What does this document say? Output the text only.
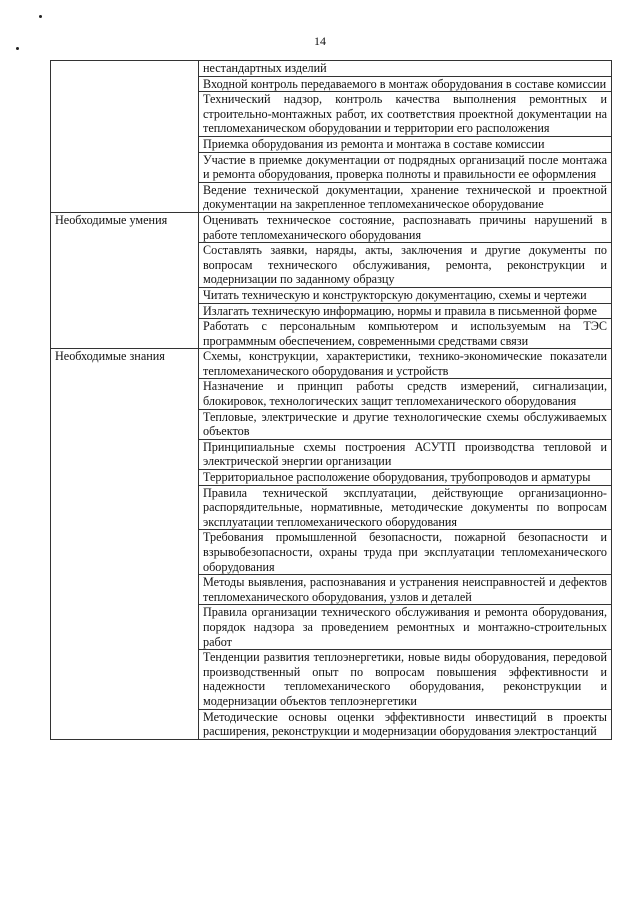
14
	нестандартных изделий
	Входной контроль передаваемого в монтаж оборудования в составе комиссии
	Технический надзор, контроль качества выполнения ремонтных и строительно-монтажных работ, их соответствия проектной документации на тепломеханическом оборудовании и территории его расположения
	Приемка оборудования из ремонта и монтажа в составе комиссии
	Участие в приемке документации от подрядных организаций после монтажа и ремонта оборудования, проверка полноты и правильности ее оформления
	Ведение технической документации, хранение технической и проектной документации на закрепленное тепломеханическое оборудование
Необходимые умения	Оценивать техническое состояние, распознавать причины нарушений в работе тепломеханического оборудования
	Составлять заявки, наряды, акты, заключения и другие документы по вопросам технического обслуживания, ремонта, реконструкции и модернизации по заданному образцу
	Читать техническую и конструкторскую документацию, схемы и чертежи
	Излагать техническую информацию, нормы и правила в письменной форме
	Работать с персональным компьютером и используемым на ТЭС программным обеспечением, современными средствами связи
Необходимые знания	Схемы, конструкции, характеристики, технико-экономические показатели тепломеханического оборудования и устройств
	Назначение и принцип работы средств измерений, сигнализации, блокировок, технологических защит тепломеханического оборудования
	Тепловые, электрические и другие технологические схемы обслуживаемых объектов
	Принципиальные схемы построения АСУТП производства тепловой и электрической энергии организации
	Территориальное расположение оборудования, трубопроводов и арматуры
	Правила технической эксплуатации, действующие организационно-распорядительные, нормативные, методические документы по вопросам эксплуатации тепломеханического оборудования
	Требования промышленной безопасности, пожарной безопасности и взрывобезопасности, охраны труда при эксплуатации тепломеханического оборудования
	Методы выявления, распознавания и устранения неисправностей и дефектов тепломеханического оборудования, узлов и деталей
	Правила организации технического обслуживания и ремонта оборудования, порядок надзора за проведением ремонтных и монтажно-строительных работ
	Тенденции развития теплоэнергетики, новые виды оборудования, передовой производственный опыт по вопросам повышения эффективности и надежности тепломеханического оборудования, реконструкции и модернизации объектов теплоэнергетики
	Методические основы оценки эффективности инвестиций в проекты расширения, реконструкции и модернизации оборудования электростанций
